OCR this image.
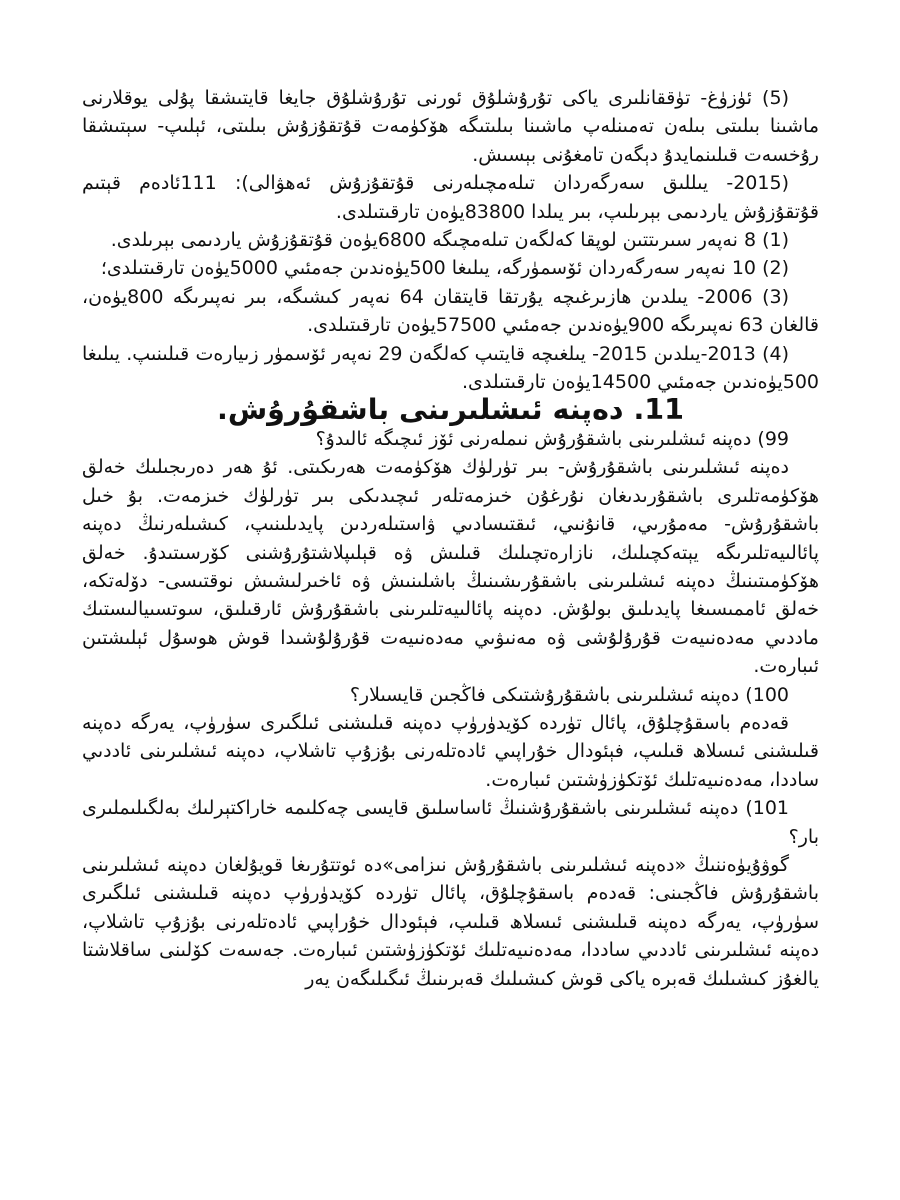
(5) ئۈزۈغ- تۈققانلىرى ياكى تۇرۇشلۇق ئورنى تۇرۇشلۇق جايغا قايتىشقا پۇلى يوقلارنى ماشىنا بىلىتى بىلەن تەمىنلەپ ماشىنا بىلىتىگە ھۆكۈمەت قۇتقۇزۇش بىلىتى، ئېلىپ- سېتىشقا رۇخسەت قىلىنمايدۇ دېگەن تامغۇنى بېسىش.

(2015- يىللىق سەرگەردان تىلەمچىلەرنى قۇتقۇزۇش ئەھۋالى): 111ئادەم قېتىم قۇتقۇزۇش ياردىمى بېرىلىپ، بىر يىلدا 83800يۈەن تارقىتىلدى.

(1) 8 نەپەر سىرىتتىن لوپقا كەلگەن تىلەمچىگە 6800يۈەن قۇتقۇزۇش ياردىمى بېرىلدى.

(2) 10 نەپەر سەرگەردان ئۆسمۈرگە، يىلىغا 500يۈەندىن جەمئىي 5000يۈەن تارقىتىلدى؛

(3) 2006- يىلدىن ھازىرغىچە يۇرتقا قايتقان 64 نەپەر كىشىگە، بىر نەپىرىگە 800يۈەن، قالغان 63 نەپىرىگە 900يۈەندىن جەمئىي 57500يۈەن تارقىتىلدى.

(4) 2013-يىلدىن 2015- يىلغىچە قايتىپ كەلگەن 29 نەپەر ئۆسمۈر زىيارەت قىلىنىپ. يىلىغا 500يۈەندىن جەمئىي 14500يۈەن تارقىتىلدى.

11. دەپنە ئىشلىرىنى باشقۇرۇش.

99) دەپنە ئىشلىرىنى باشقۇرۇش نىملەرنى ئۆز ئىچىگە ئالىدۇ؟

دەپنە ئىشلىرىنى باشقۇرۇش- بىر تۈرلۈك ھۆكۈمەت ھەرىكىتى. ئۇ ھەر دەرىجىلىك خەلق ھۆكۈمەتلىرى باشقۇرىدىغان نۇرغۇن خىزمەتلەر ئىچىدىكى بىر تۈرلۈك خىزمەت. بۇ خىل باشقۇرۇش- مەمۇرىي، قانۇنىي، ئىقتىسادىي ۋاستىلەردىن پايدىلىنىپ، كىشىلەرنىڭ دەپنە پائالىيەتلىرىگە يېتەكچىلىك، نازارەتچىلىك قىلىش ۋە قېلىپلاشتۇرۇشنى كۆرسىتىدۇ. خەلق ھۆكۈمىتىنىڭ دەپنە ئىشلىرىنى باشقۇرىشىنىڭ باشلىنىش ۋە ئاخىرلىشىش نوقتىسى- دۆلەتكە، خەلق ئاممىسىغا پايدىلىق بولۇش. دەپنە پائالىيەتلىرىنى باشقۇرۇش ئارقىلىق، سوتسىيالىستىك ماددىي مەدەنىيەت قۇرۇلۇشى ۋە مەنىۋىي مەدەنىيەت قۇرۇلۇشىدا قوش ھوسۇل ئېلىشتىن ئىبارەت.

100) دەپنە ئىشلىرىنى باشقۇرۇشتىكى فاڭجىن قايسىلار؟

قەدەم باسقۇچلۇق، پائال تۈردە كۆيدۈرۈپ دەپنە قىلىشنى ئىلگىرى سۈرۈپ، يەرگە دەپنە قىلىشنى ئىسلاھ قىلىپ، فېئودال خۇراپىي ئادەتلەرنى بۇزۇپ تاشلاپ، دەپنە ئىشلىرىنى ئاددىي ساددا، مەدەنىيەتلىك ئۆتكۈزۈشتىن ئىبارەت.

101) دەپنە ئىشلىرىنى باشقۇرۇشنىڭ ئاساسلىق قايسى چەكلىمە خاراكتېرلىك بەلگىلىملىرى بار؟

گوۋۇيۈەننىڭ «دەپنە ئىشلىرىنى باشقۇرۇش نىزامى»دە ئوتتۇرىغا قويۇلغان دەپنە ئىشلىرىنى باشقۇرۇش فاڭجىنى: قەدەم باسقۇچلۇق، پائال تۈردە كۆيدۈرۈپ دەپنە قىلىشنى ئىلگىرى سۈرۈپ، يەرگە دەپنە قىلىشنى ئىسلاھ قىلىپ، فېئودال خۇراپىي ئادەتلەرنى بۇزۇپ تاشلاپ، دەپنە ئىشلىرىنى ئاددىي ساددا، مەدەنىيەتلىك ئۆتكۈزۈشتىن ئىبارەت. جەسەت كۆلىنى ساقلاشتا يالغۇز كىشىلىك قەبرە ياكى قوش كىشىلىك قەبرىنىڭ ئىگىلىگەن يەر
